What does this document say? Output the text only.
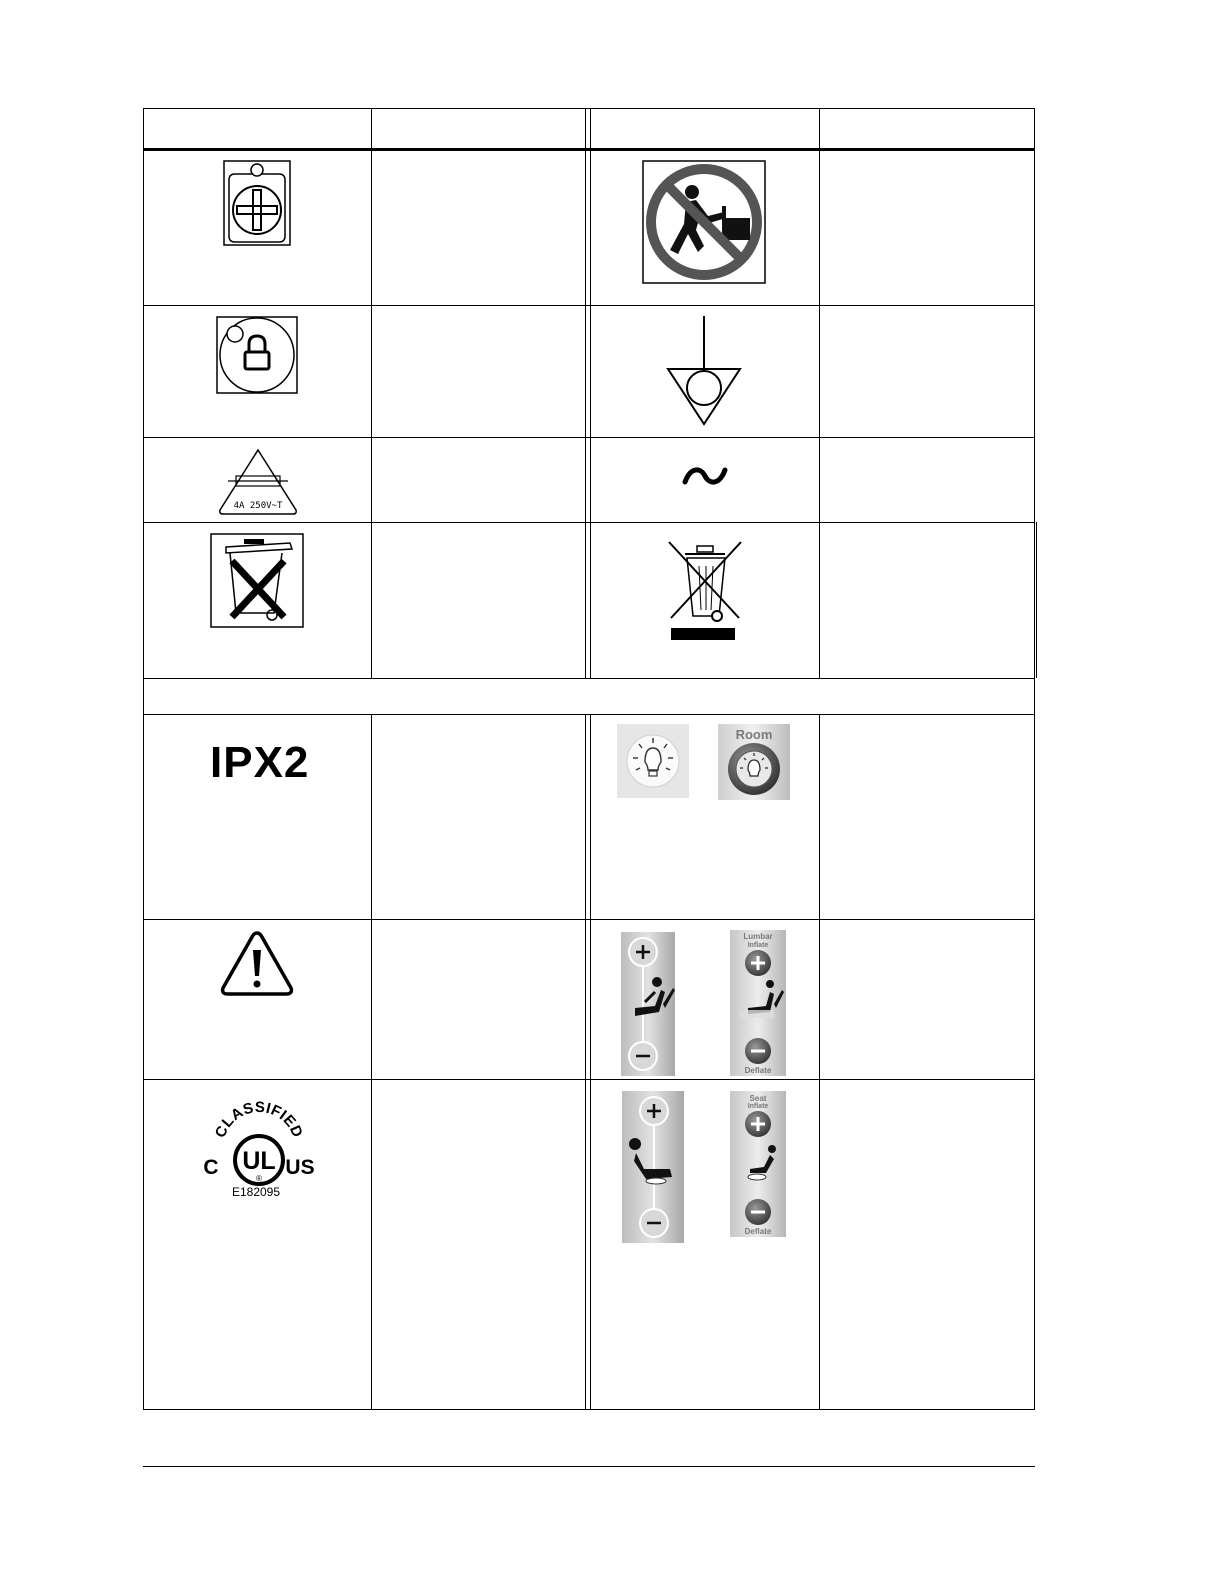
4A 250V~T
IPX2
Room
Lumbar
Inflate
Deflate
CLASSIFIED
UL
®
C	US
E182095
Seat
Inflate
Deflate
